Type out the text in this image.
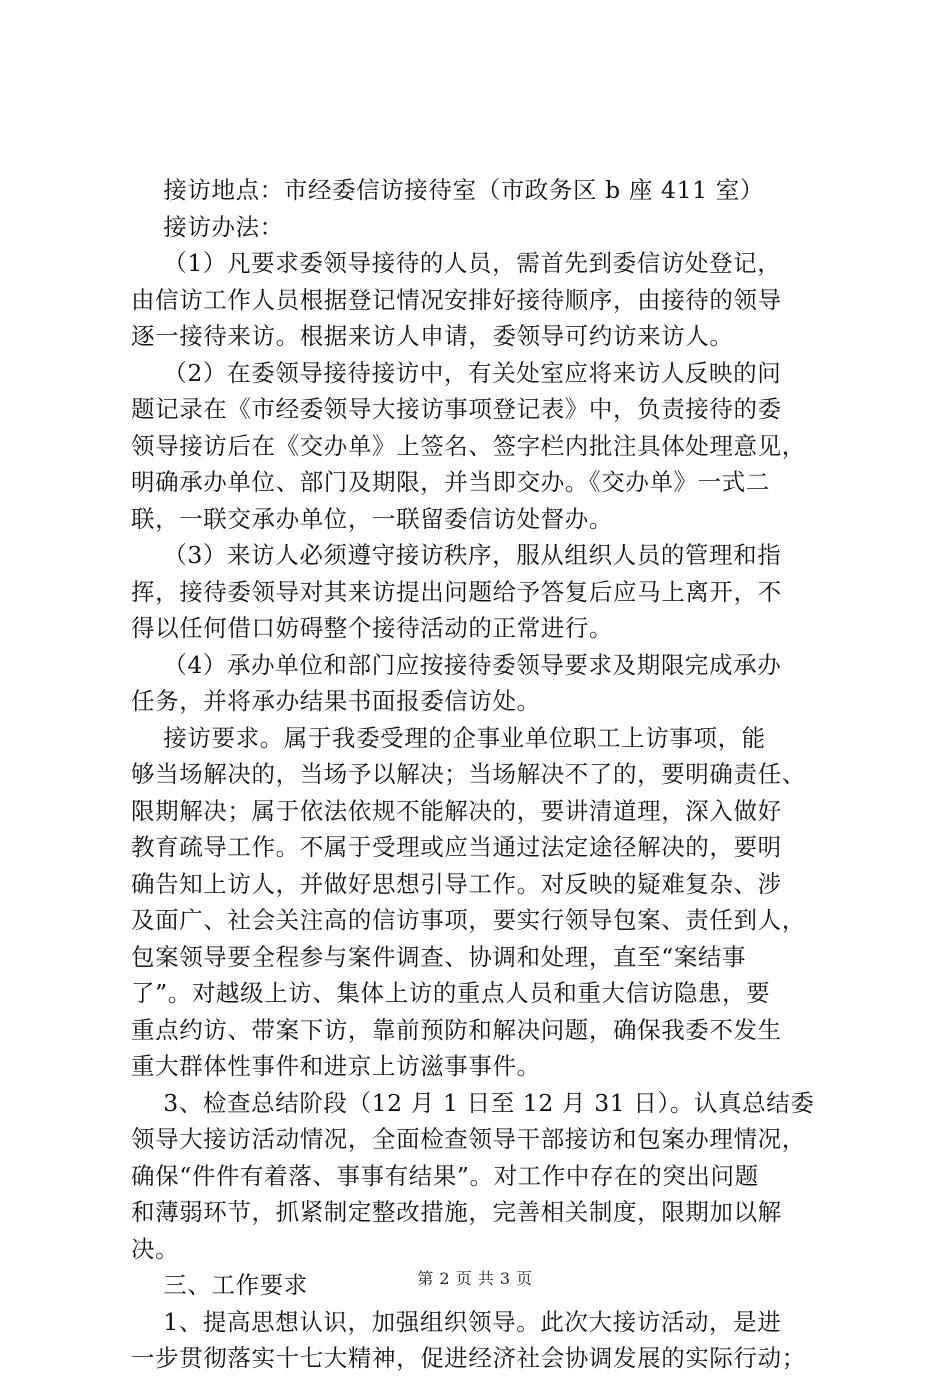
接访地点：市经委信访接待室（市政务区 b 座 411 室）
接访办法：
（1）凡要求委领导接待的人员，需首先到委信访处登记，
由信访工作人员根据登记情况安排好接待顺序，由接待的领导
逐一接待来访。根据来访人申请，委领导可约访来访人。
（2）在委领导接待接访中，有关处室应将来访人反映的问
题记录在《市经委领导大接访事项登记表》中，负责接待的委
领导接访后在《交办单》上签名、签字栏内批注具体处理意见，
明确承办单位、部门及期限，并当即交办。《交办单》一式二
联，一联交承办单位，一联留委信访处督办。
（3）来访人必须遵守接访秩序，服从组织人员的管理和指
挥，接待委领导对其来访提出问题给予答复后应马上离开，不
得以任何借口妨碍整个接待活动的正常进行。
（4）承办单位和部门应按接待委领导要求及期限完成承办
任务，并将承办结果书面报委信访处。
接访要求。属于我委受理的企事业单位职工上访事项，能
够当场解决的，当场予以解决；当场解决不了的，要明确责任、
限期解决；属于依法依规不能解决的，要讲清道理，深入做好
教育疏导工作。不属于受理或应当通过法定途径解决的，要明
确告知上访人，并做好思想引导工作。对反映的疑难复杂、涉
及面广、社会关注高的信访事项，要实行领导包案、责任到人，
包案领导要全程参与案件调查、协调和处理，直至“案结事
了”。对越级上访、集体上访的重点人员和重大信访隐患，要
重点约访、带案下访，靠前预防和解决问题，确保我委不发生
重大群体性事件和进京上访滋事事件。
3、检查总结阶段（12 月 1 日至 12 月 31 日）。认真总结委
领导大接访活动情况，全面检查领导干部接访和包案办理情况，
确保“件件有着落、事事有结果”。对工作中存在的突出问题
和薄弱环节，抓紧制定整改措施，完善相关制度，限期加以解
决。
三、工作要求
1、提高思想认识，加强组织领导。此次大接访活动，是进
一步贯彻落实十七大精神，促进经济社会协调发展的实际行动；
第 2 页 共 3 页
